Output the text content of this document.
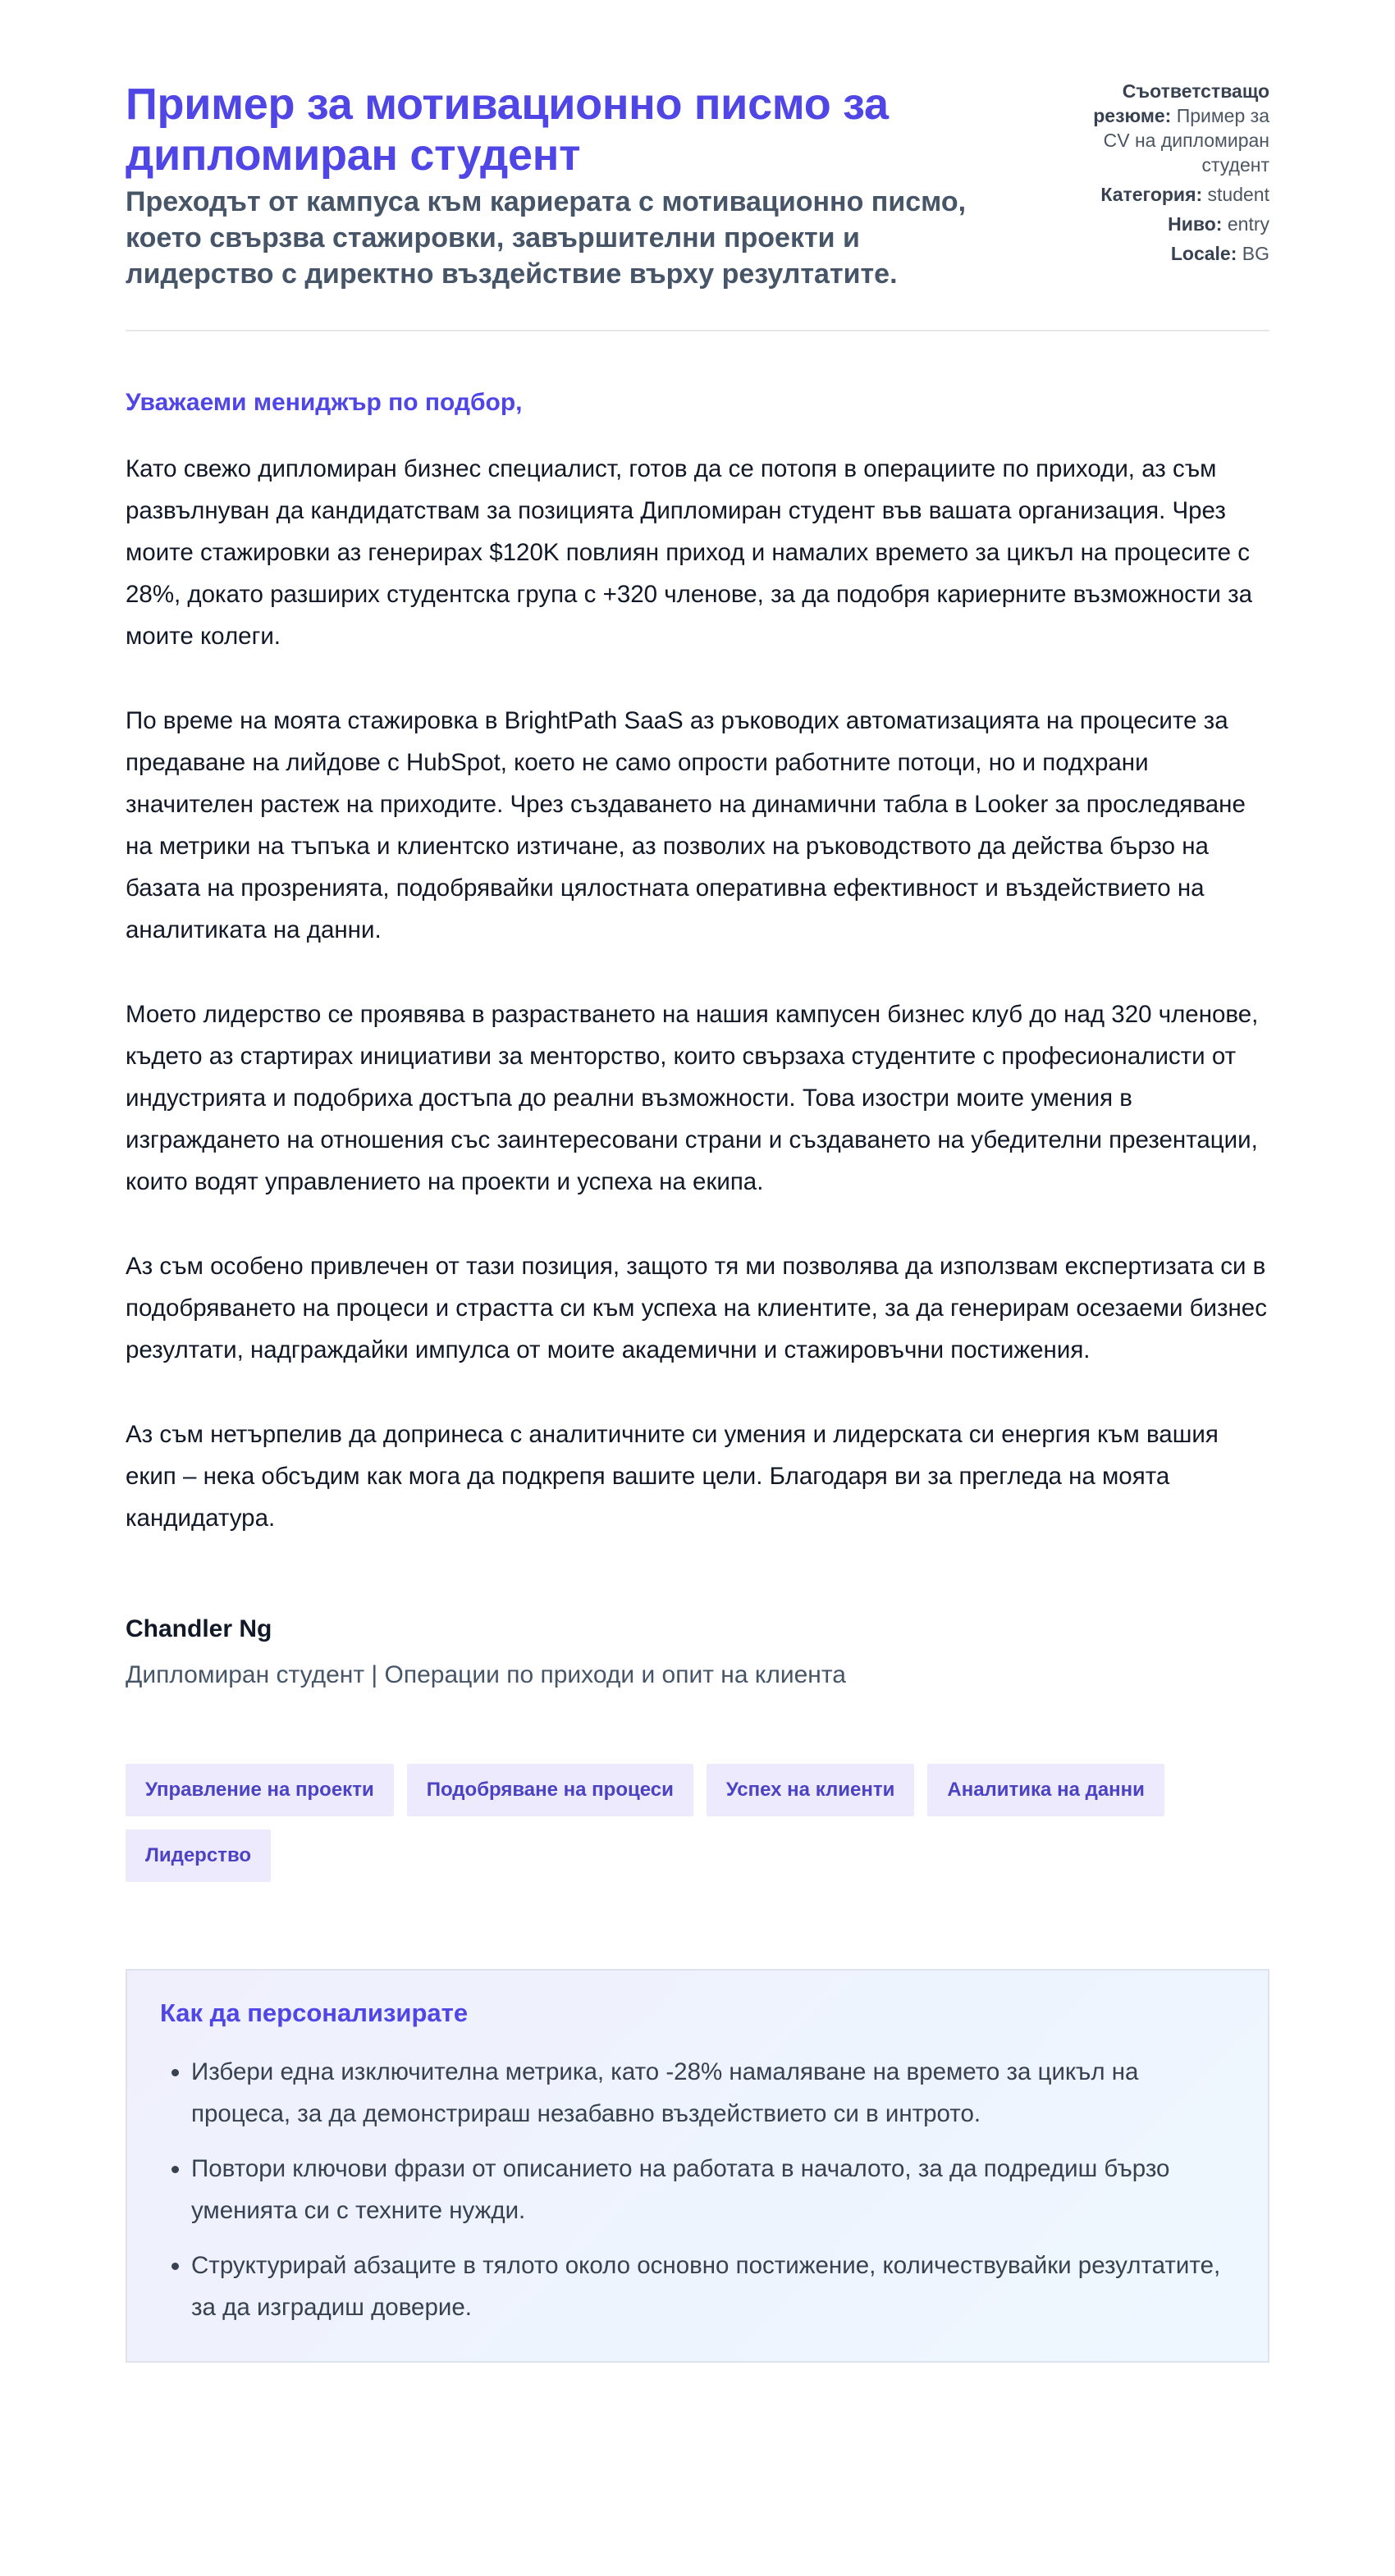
Пример за мотивационно писмо за дипломиран студент
Преходът от кампуса към кариерата с мотивационно писмо, което свързва стажировки, завършителни проекти и лидерство с директно въздействие върху резултатите.
Съответстващо резюме: Пример за CV на дипломиран студент
Категория: student
Ниво: entry
Locale: BG
Уважаеми мениджър по подбор,

Като свежо дипломиран бизнес специалист, готов да се потопя в операциите по приходи, аз съм развълнуван да кандидатствам за позицията Дипломиран студент във вашата организация. Чрез моите стажировки аз генерирах $120K повлиян приход и намалих времето за цикъл на процесите с 28%, докато разширих студентска група с +320 членове, за да подобря кариерните възможности за моите колеги.

По време на моята стажировка в BrightPath SaaS аз ръководих автоматизацията на процесите за предаване на лийдове с HubSpot, което не само опрости работните потоци, но и подхрани значителен растеж на приходите. Чрез създаването на динамични табла в Looker за проследяване на метрики на тъпъка и клиентско изтичане, аз позволих на ръководството да действа бързо на базата на прозренията, подобрявайки цялостната оперативна ефективност и въздействието на аналитиката на данни.

Моето лидерство се проявява в разрастването на нашия кампусен бизнес клуб до над 320 членове, където аз стартирах инициативи за менторство, които свързаха студентите с професионалисти от индустрията и подобриха достъпа до реални възможности. Това изостри моите умения в изграждането на отношения със заинтересовани страни и създаването на убедителни презентации, които водят управлението на проекти и успеха на екипа.

Аз съм особено привлечен от тази позиция, защото тя ми позволява да използвам експертизата си в подобряването на процеси и страстта си към успеха на клиентите, за да генерирам осезаеми бизнес резултати, надграждайки импулса от моите академични и стажировъчни постижения.

Аз съм нетърпелив да допринеса с аналитичните си умения и лидерската си енергия към вашия екип – нека обсъдим как мога да подкрепя вашите цели. Благодаря ви за прегледа на моята кандидатура.

Chandler Ng
Дипломиран студент | Операции по приходи и опит на клиента
Управление на проекти	Подобряване на процеси	Успех на клиенти	Аналитика на данни
Лидерство
Как да персонализирате
• Избери една изключителна метрика, като -28% намаляване на времето за цикъл на процеса, за да демонстрираш незабавно въздействието си в интрото.
• Повтори ключови фрази от описанието на работата в началото, за да подредиш бързо уменията си с техните нужди.
• Структурирай абзаците в тялото около основно постижение, количествувайки резултатите, за да изградиш доверие.
